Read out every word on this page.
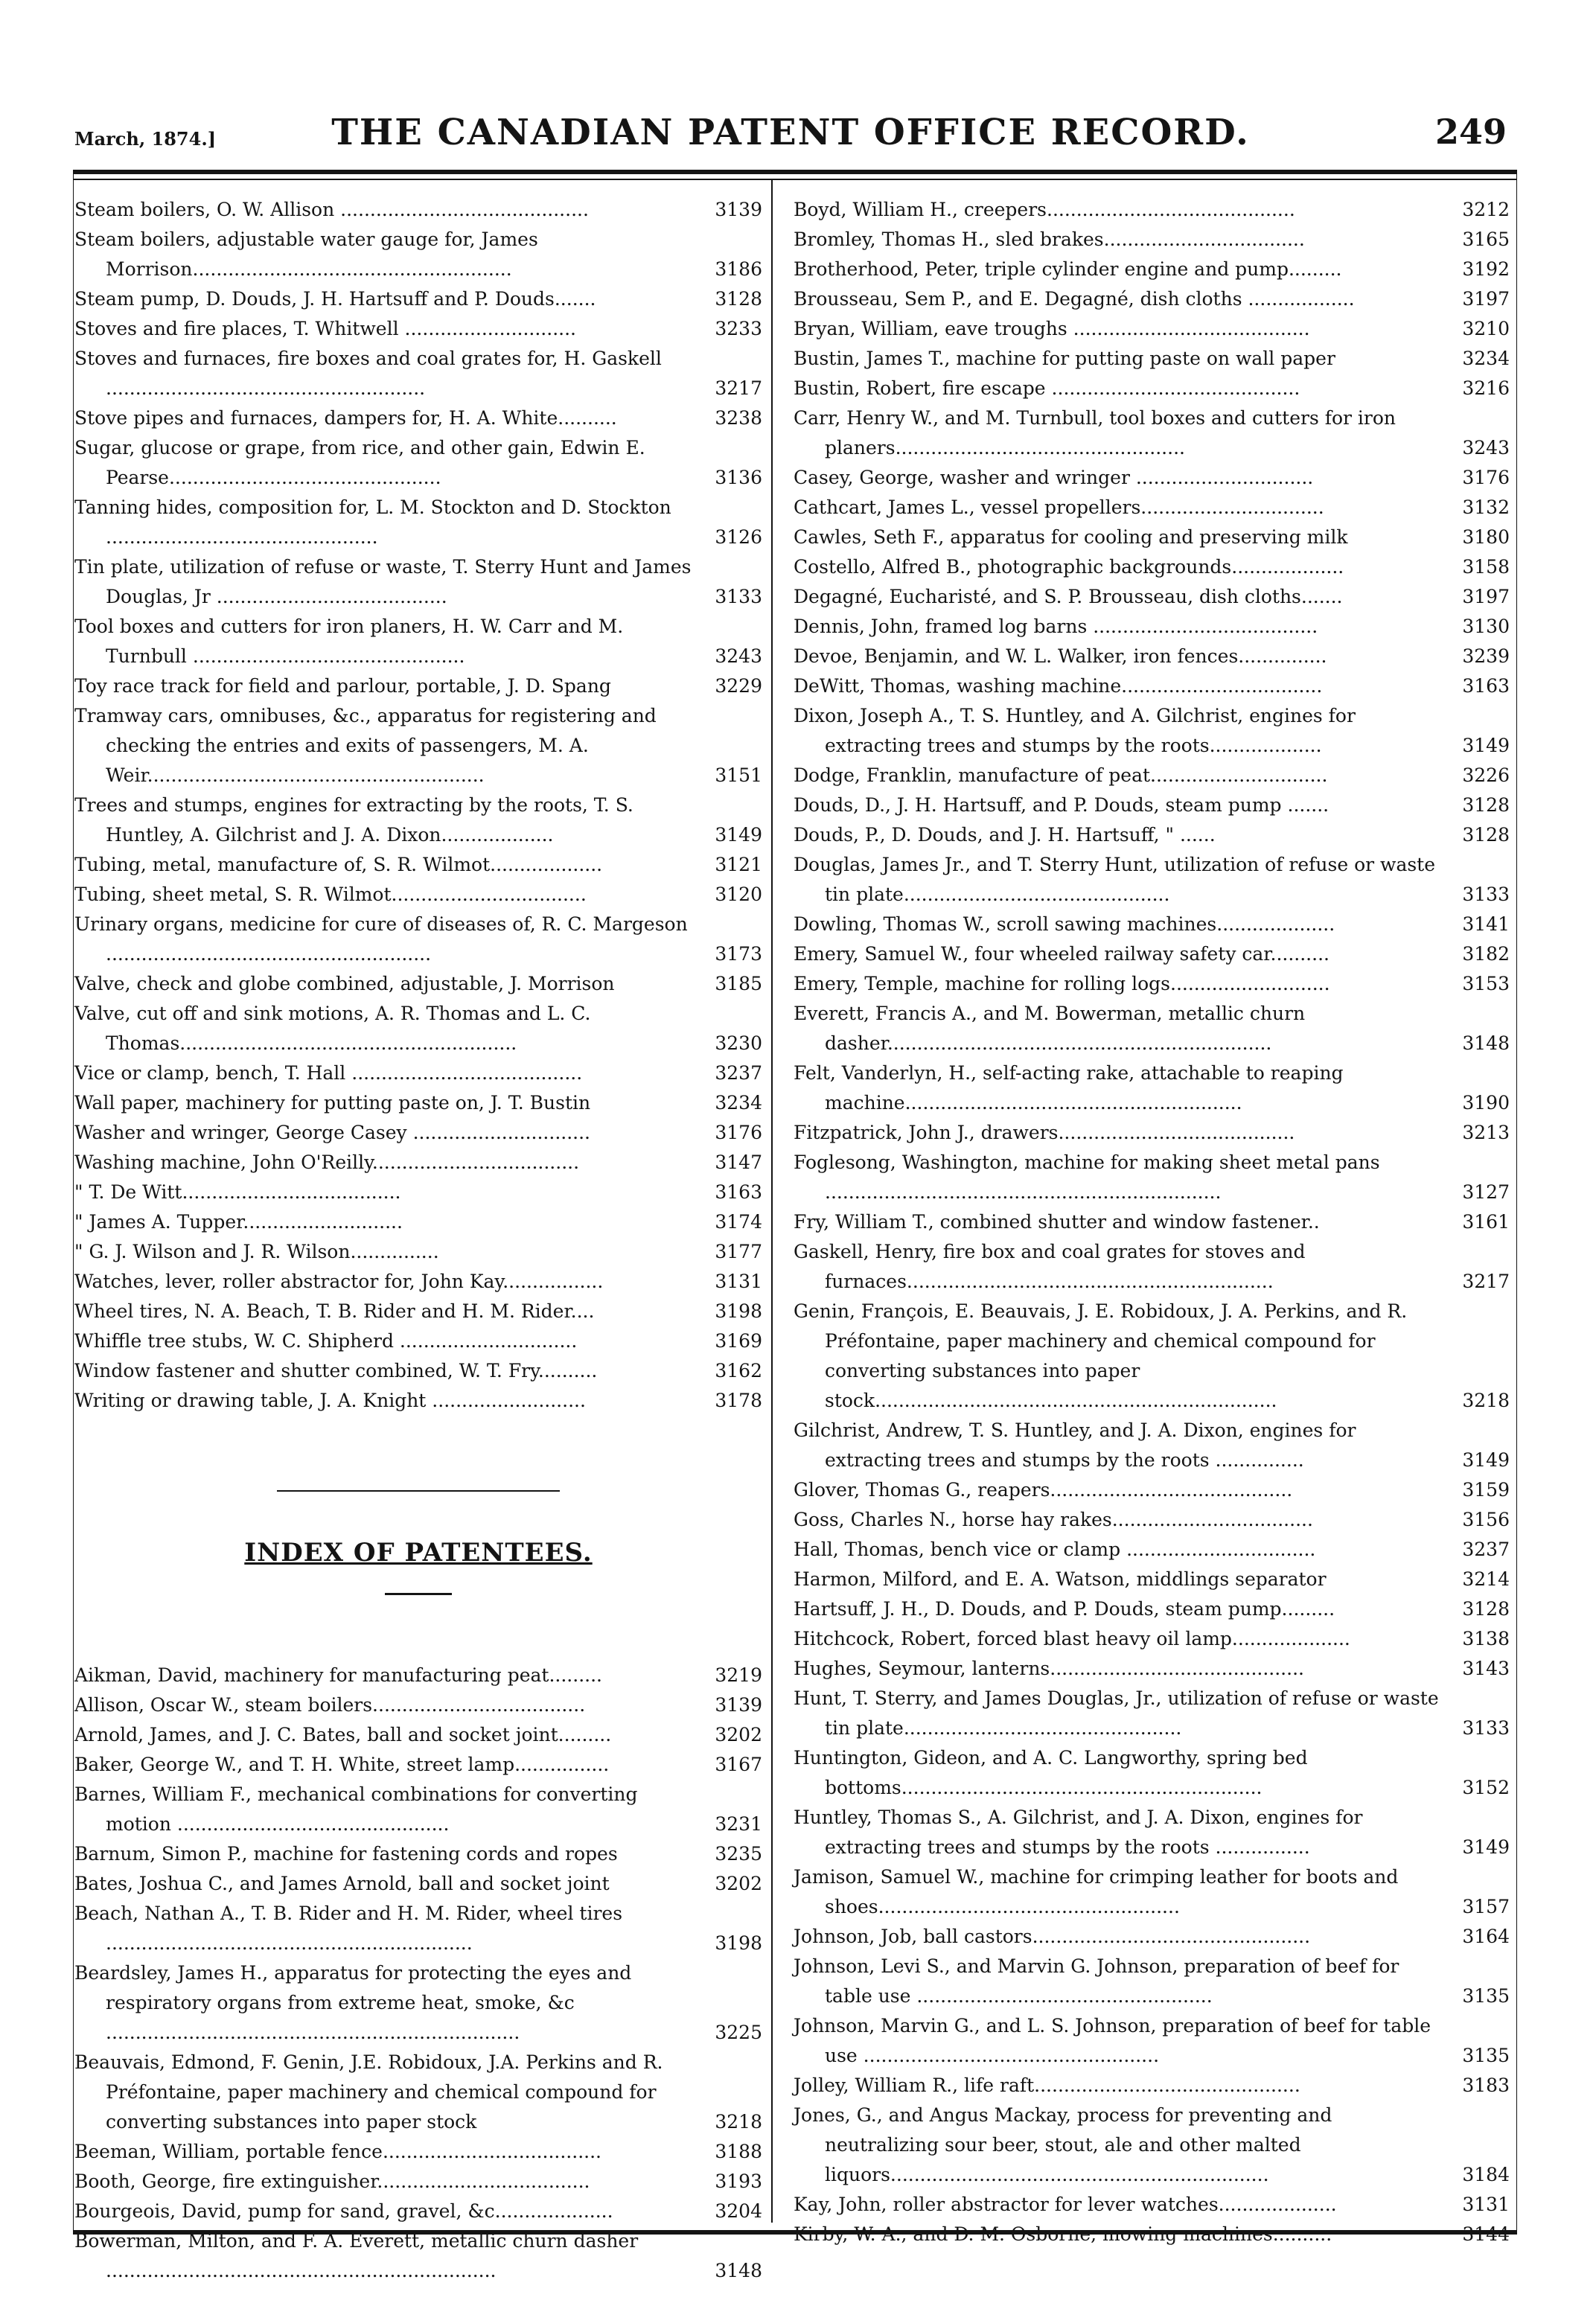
March, 1874.]	THE CANADIAN PATENT OFFICE RECORD.	249
Steam boilers, O. W. Allison ..........................................	3139
Steam boilers, adjustable water gauge for, James Morrison......................................................	3186
Steam pump, D. Douds, J. H. Hartsuff and P. Douds.......	3128
Stoves and fire places, T. Whitwell .............................	3233
Stoves and furnaces, fire boxes and coal grates for, H. Gaskell ......................................................	3217
Stove pipes and furnaces, dampers for, H. A. White..........	3238
Sugar, glucose or grape, from rice, and other gain, Edwin E. Pearse..............................................	3136
Tanning hides, composition for, L. M. Stockton and D. Stockton ..............................................	3126
Tin plate, utilization of refuse or waste, T. Sterry Hunt and James Douglas, Jr .......................................	3133
Tool boxes and cutters for iron planers, H. W. Carr and M. Turnbull ..............................................	3243
Toy race track for field and parlour, portable, J. D. Spang	3229
Tramway cars, omnibuses, &c., apparatus for registering and checking the entries and exits of passengers, M. A. Weir.........................................................	3151
Trees and stumps, engines for extracting by the roots, T. S. Huntley, A. Gilchrist and J. A. Dixon...................	3149
Tubing, metal, manufacture of, S. R. Wilmot...................	3121
Tubing, sheet metal, S. R. Wilmot.................................	3120
Urinary organs, medicine for cure of diseases of, R. C. Margeson .......................................................	3173
Valve, check and globe combined, adjustable, J. Morrison	3185
Valve, cut off and sink motions, A. R. Thomas and L. C. Thomas.........................................................	3230
Vice or clamp, bench, T. Hall .......................................	3237
Wall paper, machinery for putting paste on, J. T. Bustin	3234
Washer and wringer, George Casey ..............................	3176
Washing machine, John O'Reilly...................................	3147
" T. De Witt.....................................	3163
" James A. Tupper...........................	3174
" G. J. Wilson and J. R. Wilson...............	3177
Watches, lever, roller abstractor for, John Kay.................	3131
Wheel tires, N. A. Beach, T. B. Rider and H. M. Rider....	3198
Whiffle tree stubs, W. C. Shipherd ..............................	3169
Window fastener and shutter combined, W. T. Fry..........	3162
Writing or drawing table, J. A. Knight ..........................	3178
INDEX OF PATENTEES.
Aikman, David, machinery for manufacturing peat.........	3219
Allison, Oscar W., steam boilers....................................	3139
Arnold, James, and J. C. Bates, ball and socket joint.........	3202
Baker, George W., and T. H. White, street lamp................	3167
Barnes, William F., mechanical combinations for converting motion ..............................................	3231
Barnum, Simon P., machine for fastening cords and ropes	3235
Bates, Joshua C., and James Arnold, ball and socket joint	3202
Beach, Nathan A., T. B. Rider and H. M. Rider, wheel tires ..............................................................	3198
Beardsley, James H., apparatus for protecting the eyes and respiratory organs from extreme heat, smoke, &c ......................................................................	3225
Beauvais, Edmond, F. Genin, J.E. Robidoux, J.A. Perkins and R. Préfontaine, paper machinery and chemical compound for converting substances into paper stock	3218
Beeman, William, portable fence.....................................	3188
Booth, George, fire extinguisher....................................	3193
Bourgeois, David, pump for sand, gravel, &c....................	3204
Bowerman, Milton, and F. A. Everett, metallic churn dasher ..................................................................	3148
Boyd, William H., creepers..........................................	3212
Bromley, Thomas H., sled brakes..................................	3165
Brotherhood, Peter, triple cylinder engine and pump.........	3192
Brousseau, Sem P., and E. Degagné, dish cloths ..................	3197
Bryan, William, eave troughs ........................................	3210
Bustin, James T., machine for putting paste on wall paper	3234
Bustin, Robert, fire escape ..........................................	3216
Carr, Henry W., and M. Turnbull, tool boxes and cutters for iron planers.................................................	3243
Casey, George, washer and wringer ..............................	3176
Cathcart, James L., vessel propellers...............................	3132
Cawles, Seth F., apparatus for cooling and preserving milk	3180
Costello, Alfred B., photographic backgrounds...................	3158
Degagné, Eucharisté, and S. P. Brousseau, dish cloths.......	3197
Dennis, John, framed log barns ......................................	3130
Devoe, Benjamin, and W. L. Walker, iron fences...............	3239
DeWitt, Thomas, washing machine..................................	3163
Dixon, Joseph A., T. S. Huntley, and A. Gilchrist, engines for extracting trees and stumps by the roots...................	3149
Dodge, Franklin, manufacture of peat..............................	3226
Douds, D., J. H. Hartsuff, and P. Douds, steam pump .......	3128
Douds, P., D. Douds, and J. H. Hartsuff, " ......	3128
Douglas, James Jr., and T. Sterry Hunt, utilization of refuse or waste tin plate.............................................	3133
Dowling, Thomas W., scroll sawing machines....................	3141
Emery, Samuel W., four wheeled railway safety car..........	3182
Emery, Temple, machine for rolling logs...........................	3153
Everett, Francis A., and M. Bowerman, metallic churn dasher.................................................................	3148
Felt, Vanderlyn, H., self-acting rake, attachable to reaping machine.........................................................	3190
Fitzpatrick, John J., drawers........................................	3213
Foglesong, Washington, machine for making sheet metal pans ...................................................................	3127
Fry, William T., combined shutter and window fastener..	3161
Gaskell, Henry, fire box and coal grates for stoves and furnaces..............................................................	3217
Genin, François, E. Beauvais, J. E. Robidoux, J. A. Perkins, and R. Préfontaine, paper machinery and chemical compound for converting substances into paper stock....................................................................	3218
Gilchrist, Andrew, T. S. Huntley, and J. A. Dixon, engines for extracting trees and stumps by the roots ...............	3149
Glover, Thomas G., reapers.........................................	3159
Goss, Charles N., horse hay rakes..................................	3156
Hall, Thomas, bench vice or clamp ................................	3237
Harmon, Milford, and E. A. Watson, middlings separator	3214
Hartsuff, J. H., D. Douds, and P. Douds, steam pump.........	3128
Hitchcock, Robert, forced blast heavy oil lamp....................	3138
Hughes, Seymour, lanterns...........................................	3143
Hunt, T. Sterry, and James Douglas, Jr., utilization of refuse or waste tin plate...............................................	3133
Huntington, Gideon, and A. C. Langworthy, spring bed bottoms.............................................................	3152
Huntley, Thomas S., A. Gilchrist, and J. A. Dixon, engines for extracting trees and stumps by the roots ................	3149
Jamison, Samuel W., machine for crimping leather for boots and shoes...................................................	3157
Johnson, Job, ball castors...............................................	3164
Johnson, Levi S., and Marvin G. Johnson, preparation of beef for table use ..................................................	3135
Johnson, Marvin G., and L. S. Johnson, preparation of beef for table use ..................................................	3135
Jolley, William R., life raft.............................................	3183
Jones, G., and Angus Mackay, process for preventing and neutralizing sour beer, stout, ale and other malted liquors................................................................	3184
Kay, John, roller abstractor for lever watches....................	3131
Kirby, W. A., and D. M. Osborne, mowing machines..........	3144
